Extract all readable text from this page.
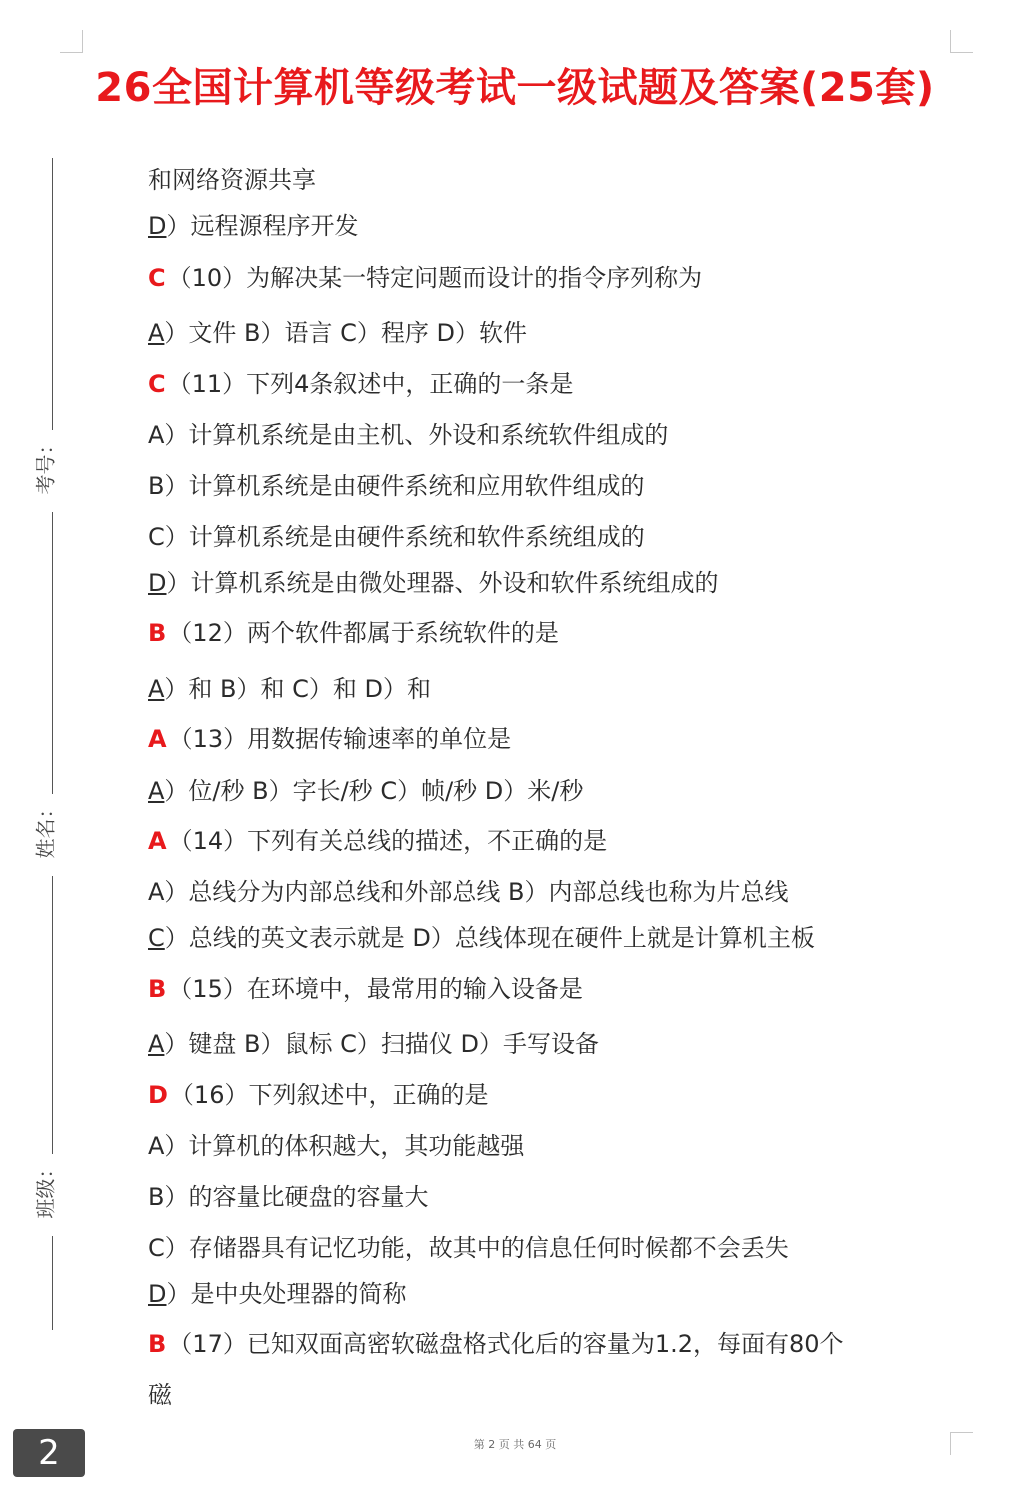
26全国计算机等级考试一级试题及答案(25套)
考号：
姓名：
班级：
和网络资源共享
D）远程源程序开发
C（10）为解决某一特定问题而设计的指令序列称为
A）文件 B）语言 C）程序 D）软件
C（11）下列4条叙述中，正确的一条是
A）计算机系统是由主机、外设和系统软件组成的
B）计算机系统是由硬件系统和应用软件组成的
C）计算机系统是由硬件系统和软件系统组成的
D）计算机系统是由微处理器、外设和软件系统组成的
B（12）两个软件都属于系统软件的是
A）和 B）和 C）和 D）和
A（13）用数据传输速率的单位是
A）位/秒 B）字长/秒 C）帧/秒 D）米/秒
A（14）下列有关总线的描述，不正确的是
A）总线分为内部总线和外部总线 B）内部总线也称为片总线
C）总线的英文表示就是 D）总线体现在硬件上就是计算机主板
B（15）在环境中，最常用的输入设备是
A）键盘 B）鼠标 C）扫描仪 D）手写设备
D（16）下列叙述中，正确的是
A）计算机的体积越大，其功能越强
B）的容量比硬盘的容量大
C）存储器具有记忆功能，故其中的信息任何时候都不会丢失
D）是中央处理器的简称
B（17）已知双面高密软磁盘格式化后的容量为1.2，每面有80个
磁
2	第 2 页 共 64 页
